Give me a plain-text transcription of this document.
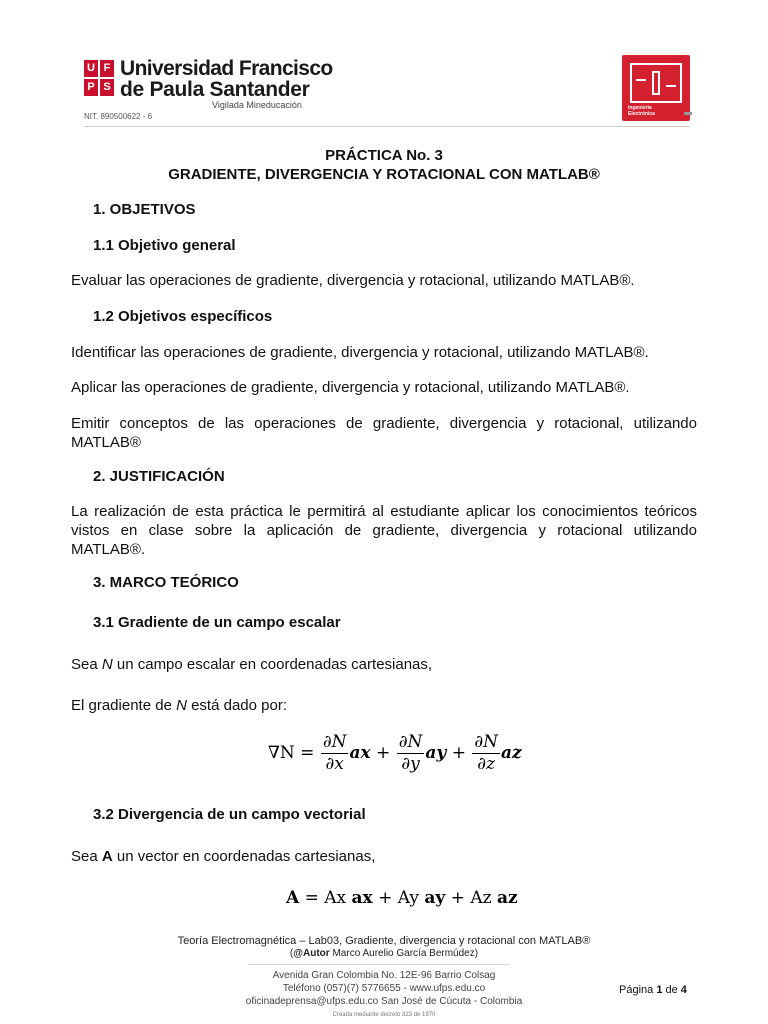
U F
P S
Universidad Francisco
de Paula Santander
Vigilada Mineducación
NIT. 890500622 - 6
Ingeniería
Electrónica
PRÁCTICA No. 3
GRADIENTE, DIVERGENCIA Y ROTACIONAL CON MATLAB®
1. OBJETIVOS
1.1 Objetivo general
Evaluar las operaciones de gradiente, divergencia y rotacional, utilizando MATLAB®.
1.2 Objetivos específicos
Identificar las operaciones de gradiente, divergencia y rotacional, utilizando MATLAB®.
Aplicar las operaciones de gradiente, divergencia y rotacional, utilizando MATLAB®.
Emitir conceptos de las operaciones de gradiente, divergencia y rotacional, utilizando MATLAB®
2. JUSTIFICACIÓN
La realización de esta práctica le permitirá al estudiante aplicar los conocimientos teóricos vistos en clase sobre la aplicación de gradiente, divergencia y rotacional utilizando MATLAB®.
3. MARCO TEÓRICO
3.1 Gradiente de un campo escalar
Sea N un campo escalar en coordenadas cartesianas,
El gradiente de N está dado por:
$\nabla N = \frac{\partial N}{\partial x}$ ax + $\frac{\partial N}{\partial y}$ ay + $\frac{\partial N}{\partial z}$ az
3.2 Divergencia de un campo vectorial
Sea A un vector en coordenadas cartesianas,
A = Ax ax + Ay ay + Az az
Teoría Electromagnética – Lab03, Gradiente, divergencia y rotacional con MATLAB®
(@Autor Marco Aurelio García Bermúdez)
Avenida Gran Colombia No. 12E-96 Barrio Colsag
Teléfono (057)(7) 5776655 - www.ufps.edu.co
oficinadeprensa@ufps.edu.co San José de Cúcuta - Colombia
Creada mediante decreto 323 de 1970
Página 1 de 4
